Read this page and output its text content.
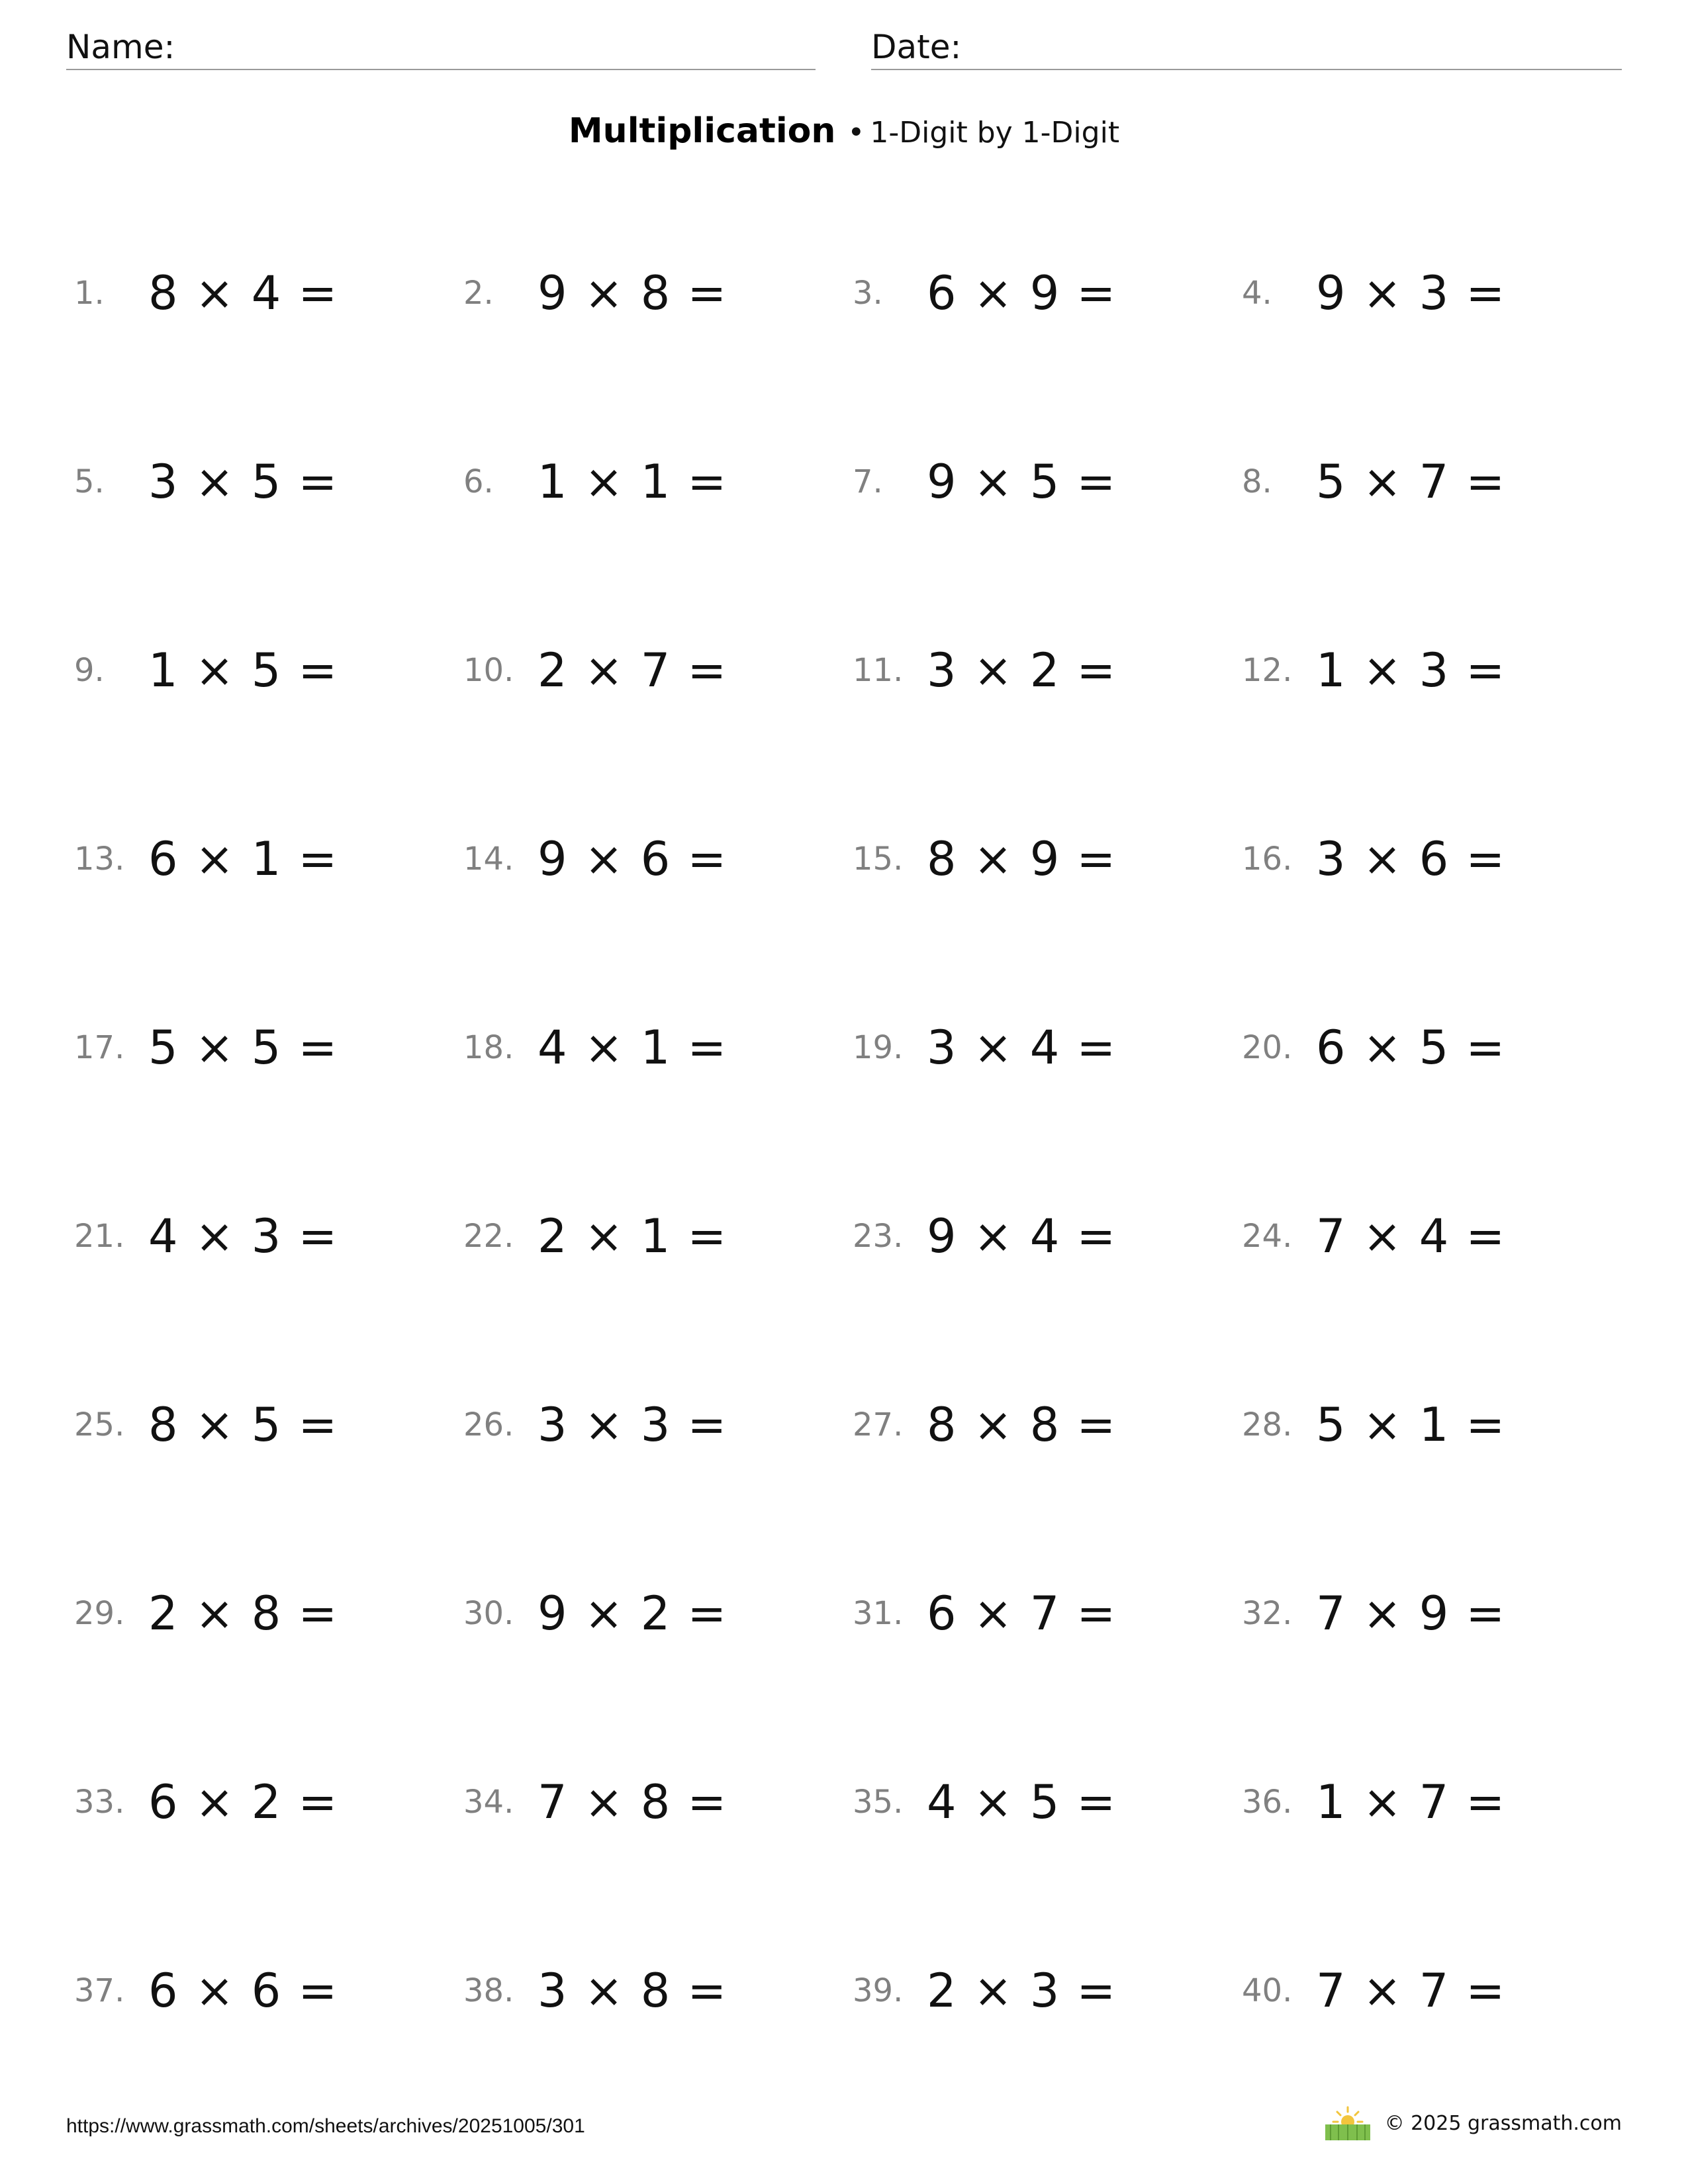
Name:	Date:
Multiplication • 1-Digit by 1-Digit
1. 8 × 4 =	2. 9 × 8 =	3. 6 × 9 =	4. 9 × 3 =
5. 3 × 5 =	6. 1 × 1 =	7. 9 × 5 =	8. 5 × 7 =
9. 1 × 5 =	10. 2 × 7 =	11. 3 × 2 =	12. 1 × 3 =
13. 6 × 1 =	14. 9 × 6 =	15. 8 × 9 =	16. 3 × 6 =
17. 5 × 5 =	18. 4 × 1 =	19. 3 × 4 =	20. 6 × 5 =
21. 4 × 3 =	22. 2 × 1 =	23. 9 × 4 =	24. 7 × 4 =
25. 8 × 5 =	26. 3 × 3 =	27. 8 × 8 =	28. 5 × 1 =
29. 2 × 8 =	30. 9 × 2 =	31. 6 × 7 =	32. 7 × 9 =
33. 6 × 2 =	34. 7 × 8 =	35. 4 × 5 =	36. 1 × 7 =
37. 6 × 6 =	38. 3 × 8 =	39. 2 × 3 =	40. 7 × 7 =
https://www.grassmath.com/sheets/archives/20251005/301	© 2025 grassmath.com
